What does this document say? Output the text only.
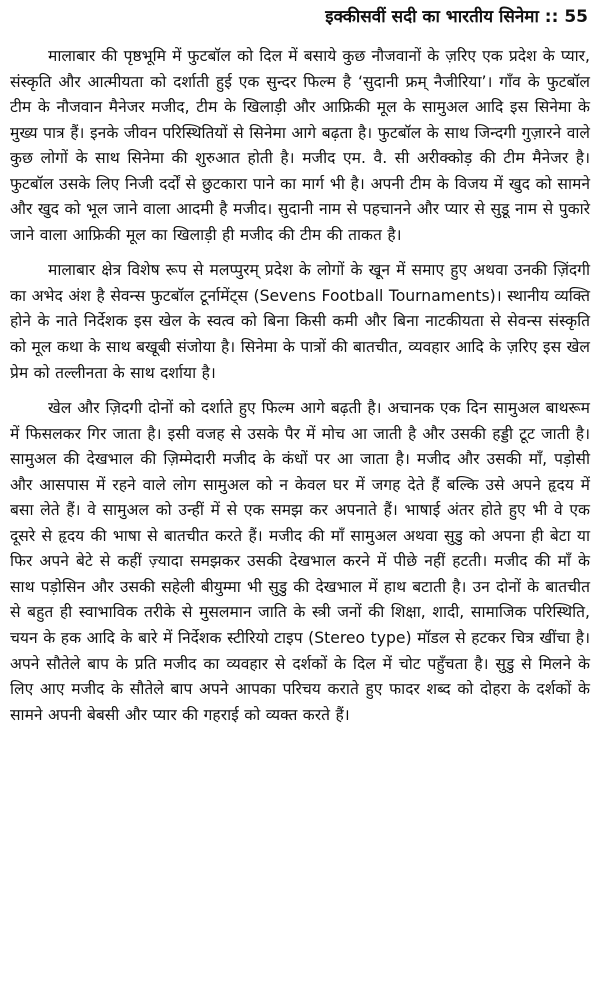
इक्कीसवीं सदी का भारतीय सिनेमा :: 55

मालाबार की पृष्ठभूमि में फुटबॉल को दिल में बसाये कुछ नौजवानों के ज़रिए एक प्रदेश के प्यार, संस्कृति और आत्मीयता को दर्शाती हुई एक सुन्दर फिल्म है ‘सुदानी फ्रम् नैजीरिया’। गाँव के फुटबॉल टीम के नौजवान मैनेजर मजीद, टीम के खिलाड़ी और आफ्रिकी मूल के सामुअल आदि इस सिनेमा के मुख्य पात्र हैं। इनके जीवन परिस्थितियों से सिनेमा आगे बढ़ता है। फुटबॉल के साथ जिन्दगी गुज़ारने वाले कुछ लोगों के साथ सिनेमा की शुरुआत होती है। मजीद एम. वै. सी अरीक्कोड़ की टीम मैनेजर है। फुटबॉल उसके लिए निजी दर्दों से छुटकारा पाने का मार्ग भी है। अपनी टीम के विजय में खुद को सामने और खुद को भूल जाने वाला आदमी है मजीद। सुदानी नाम से पहचानने और प्यार से सुडू नाम से पुकारे जाने वाला आफ्रिकी मूल का खिलाड़ी ही मजीद की टीम की ताकत है।

मालाबार क्षेत्र विशेष रूप से मलप्पुरम् प्रदेश के लोगों के खून में समाए हुए अथवा उनकी ज़िंदगी का अभेद अंश है सेवन्स फुटबॉल टूर्नामेंट्स (Sevens Football Tournaments)। स्थानीय व्यक्ति होने के नाते निर्देशक इस खेल के स्वत्व को बिना किसी कमी और बिना नाटकीयता से सेवन्स संस्कृति को मूल कथा के साथ बखूबी संजोया है। सिनेमा के पात्रों की बातचीत, व्यवहार आदि के ज़रिए इस खेल प्रेम को तल्लीनता के साथ दर्शाया है।

खेल और ज़िदगी दोनों को दर्शाते हुए फिल्म आगे बढ़ती है। अचानक एक दिन सामुअल बाथरूम में फिसलकर गिर जाता है। इसी वजह से उसके पैर में मोच आ जाती है और उसकी हड्डी टूट जाती है। सामुअल की देखभाल की ज़िम्मेदारी मजीद के कंधों पर आ जाता है। मजीद और उसकी माँ, पड़ोसी और आसपास में रहने वाले लोग सामुअल को न केवल घर में जगह देते हैं बल्कि उसे अपने हृदय में बसा लेते हैं। वे सामुअल को उन्हीं में से एक समझ कर अपनाते हैं। भाषाई अंतर होते हुए भी वे एक दूसरे से हृदय की भाषा से बातचीत करते हैं। मजीद की माँ सामुअल अथवा सुडु को अपना ही बेटा या फिर अपने बेटे से कहीं ज़्यादा समझकर उसकी देखभाल करने में पीछे नहीं हटती। मजीद की माँ के साथ पड़ोसिन और उसकी सहेली बीयुम्मा भी सुडु की देखभाल में हाथ बटाती है। उन दोनों के बातचीत से बहुत ही स्वाभाविक तरीके से मुसलमान जाति के स्त्री जनों की शिक्षा, शादी, सामाजिक परिस्थिति, चयन के हक आदि के बारे में निर्देशक स्टीरियो टाइप (Stereo type) मॉडल से हटकर चित्र खींचा है। अपने सौतेले बाप के प्रति मजीद का व्यवहार से दर्शकों के दिल में चोट पहुँचता है। सुडु से मिलने के लिए आए मजीद के सौतेले बाप अपने आपका परिचय कराते हुए फादर शब्द को दोहरा के दर्शकों के सामने अपनी बेबसी और प्यार की गहराई को व्यक्त करते हैं।
